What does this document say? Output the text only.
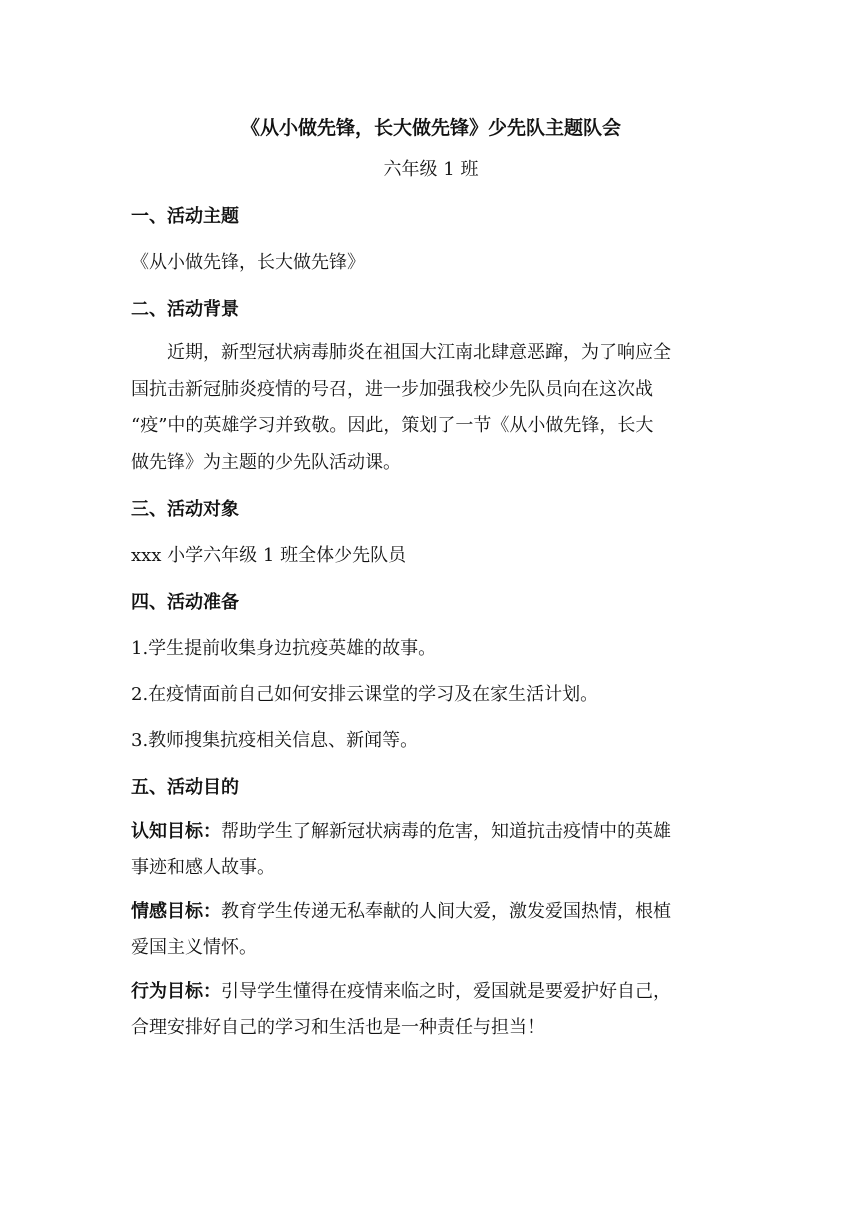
《从小做先锋，长大做先锋》少先队主题队会

六年级 1 班

一、活动主题

《从小做先锋，长大做先锋》

二、活动背景

近期，新型冠状病毒肺炎在祖国大江南北肆意恶蹿，为了响应全
国抗击新冠肺炎疫情的号召，进一步加强我校少先队员向在这次战
“疫”中的英雄学习并致敬。因此，策划了一节《从小做先锋，长大
做先锋》为主题的少先队活动课。

三、活动对象

xxx 小学六年级 1 班全体少先队员

四、活动准备

1.学生提前收集身边抗疫英雄的故事。

2.在疫情面前自己如何安排云课堂的学习及在家生活计划。

3.教师搜集抗疫相关信息、新闻等。

五、活动目的

认知目标：帮助学生了解新冠状病毒的危害，知道抗击疫情中的英雄
事迹和感人故事。

情感目标：教育学生传递无私奉献的人间大爱，激发爱国热情，根植
爱国主义情怀。

行为目标：引导学生懂得在疫情来临之时，爱国就是要爱护好自己，
合理安排好自己的学习和生活也是一种责任与担当！
